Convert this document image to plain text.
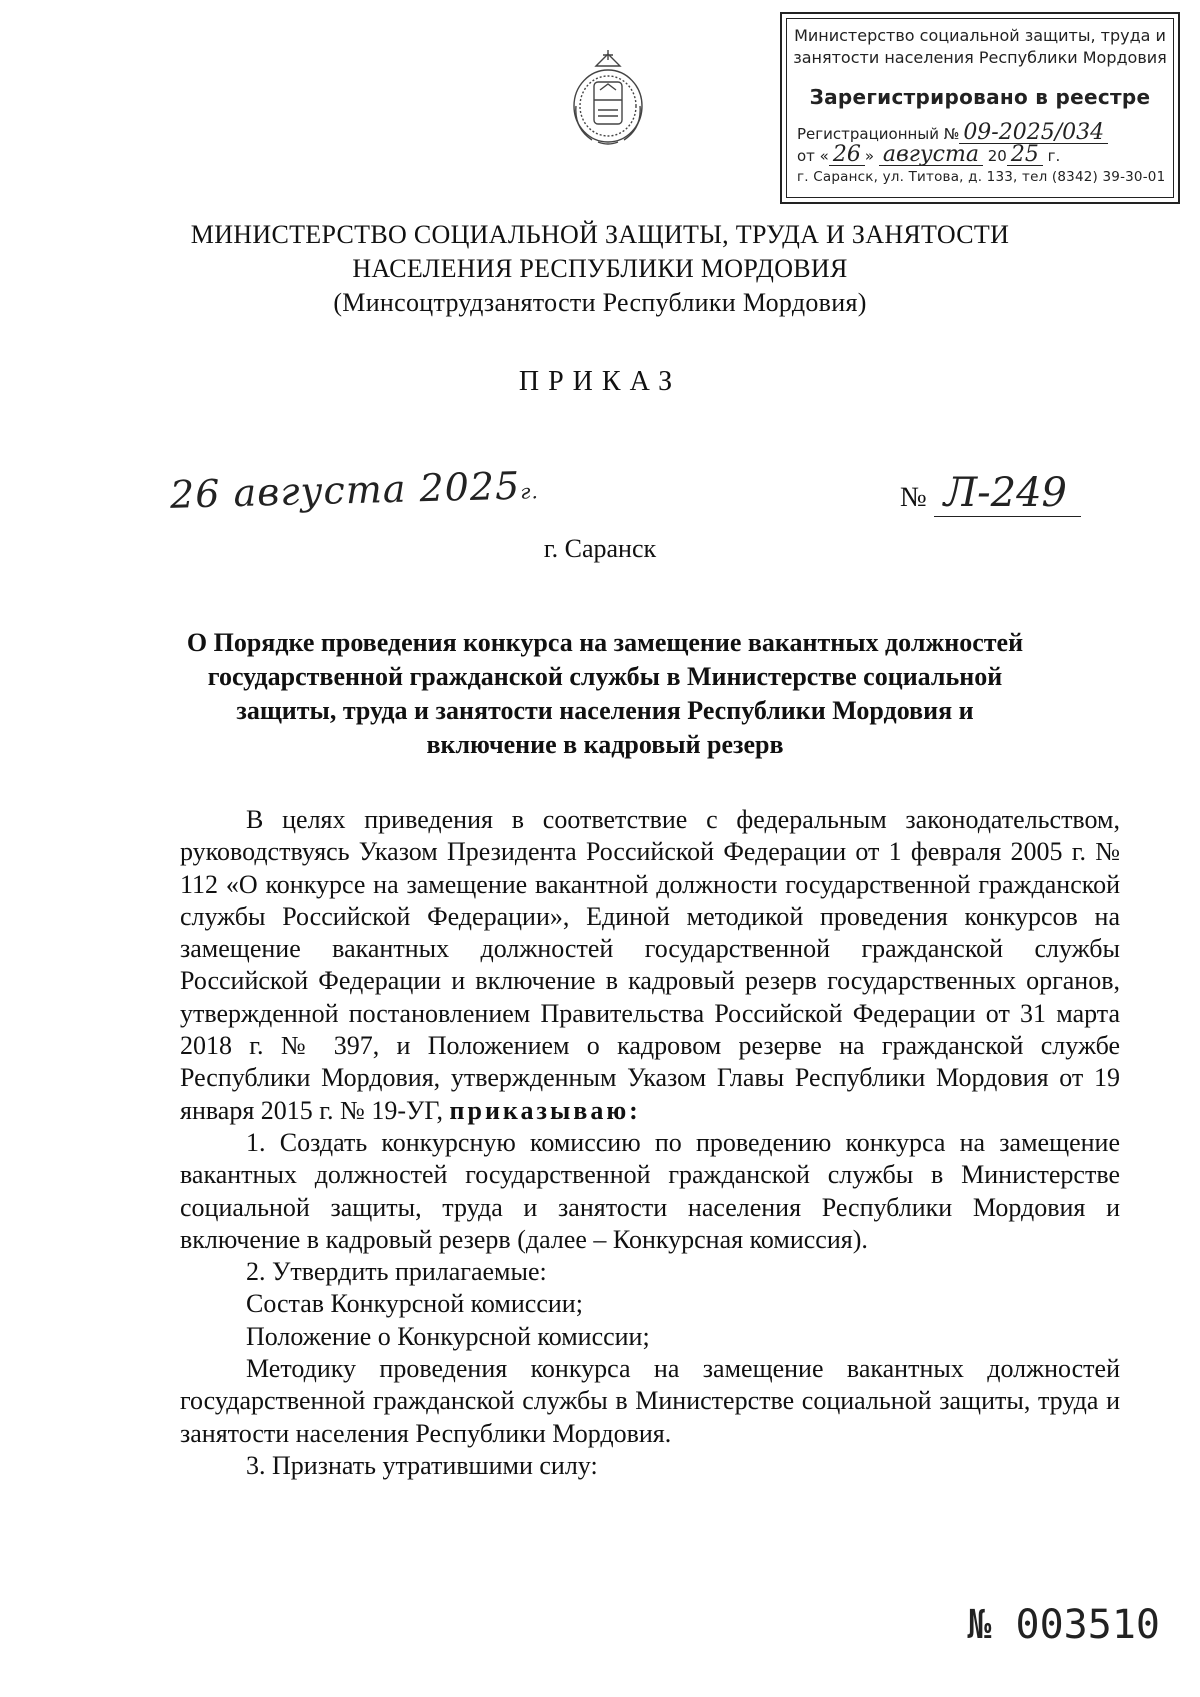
Министерство социальной защиты, труда и
занятости населения Республики Мордовия
Зарегистрировано в реестре
Регистрационный № 09-2025/034
от « 26 » августа 20 25 г.
г. Саранск, ул. Титова, д. 133, тел (8342) 39-30-01
МИНИСТЕРСТВО СОЦИАЛЬНОЙ ЗАЩИТЫ, ТРУДА И ЗАНЯТОСТИ
НАСЕЛЕНИЯ РЕСПУБЛИКИ МОРДОВИЯ
(Минсоцтрудзанятости Республики Мордовия)
ПРИКАЗ
26 августа 2025г.	№ Л-249
г. Саранск
О Порядке проведения конкурса на замещение вакантных должностей
государственной гражданской службы в Министерстве социальной
защиты, труда и занятости населения Республики Мордовия и
включение в кадровый резерв

В целях приведения в соответствие с федеральным законодательством, руководствуясь Указом Президента Российской Федерации от 1 февраля 2005 г. № 112 «О конкурсе на замещение вакантной должности государственной гражданской службы Российской Федерации», Единой методикой проведения конкурсов на замещение вакантных должностей государственной гражданской службы Российской Федерации и включение в кадровый резерв государственных органов, утвержденной постановлением Правительства Российской Федерации от 31 марта 2018 г. № 397, и Положением о кадровом резерве на гражданской службе Республики Мордовия, утвержденным Указом Главы Республики Мордовия от 19 января 2015 г. № 19-УГ, приказываю:

1. Создать конкурсную комиссию по проведению конкурса на замещение вакантных должностей государственной гражданской службы в Министерстве социальной защиты, труда и занятости населения Республики Мордовия и включение в кадровый резерв (далее – Конкурсная комиссия).

2. Утвердить прилагаемые:

Состав Конкурсной комиссии;

Положение о Конкурсной комиссии;

Методику проведения конкурса на замещение вакантных должностей государственной гражданской службы в Министерстве социальной защиты, труда и занятости населения Республики Мордовия.

3. Признать утратившими силу:

№ 003510
